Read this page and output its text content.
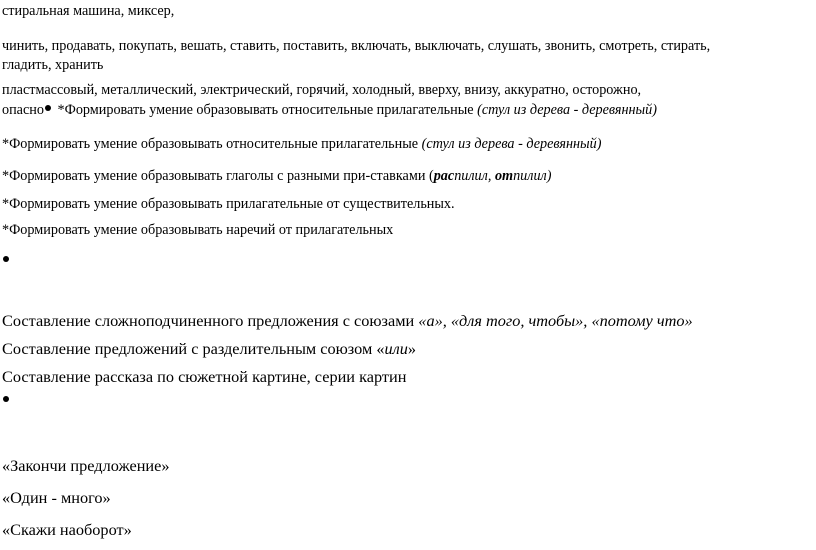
стиральная машина, миксер,
чинить, продавать, покупать, вешать, ставить, поставить, включать, выключать, слушать, звонить, смотреть, стирать,
гладить, хранить
пластмассовый, металлический, электрический, горячий, холодный, вверху, внизу, аккуратно, осторожно,
опасно *Формировать умение образовывать относительные прилагательные (стул из дерева - деревянный)
*Формировать умение образовывать относительные прилагательные (стул из дерева - деревянный)
*Формировать умение образовывать глаголы с разными при-ставками (распилил, отпилил)
*Формировать умение образовывать прилагательные от существительных.
*Формировать умение образовывать наречий от прилагательных
Составление сложноподчиненного предложения с союзами «а», «для того, чтобы», «потому что»
Составление предложений с разделительным союзом «или»
Составление рассказа по сюжетной картине, серии картин
«Закончи предложение»
«Один - много»
«Скажи наоборот»
